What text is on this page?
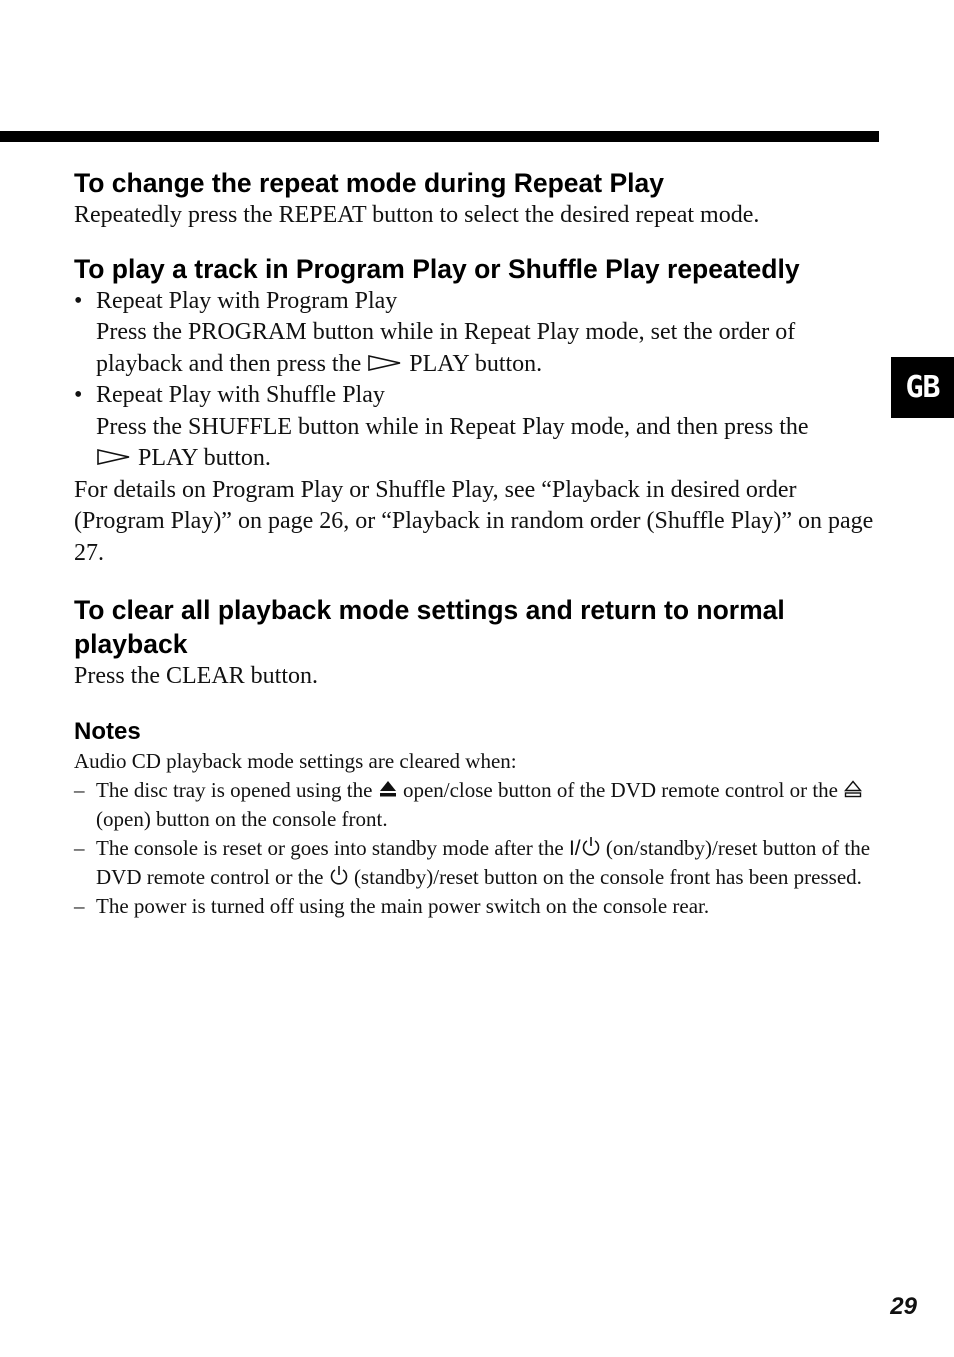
GB
To change the repeat mode during Repeat Play

Repeatedly press the REPEAT button to select the desired repeat mode.

To play a track in Program Play or Shuffle Play repeatedly
• Repeat Play with Program Play
Press the PROGRAM button while in Repeat Play mode, set the order of
playback and then press the PLAY button.
• Repeat Play with Shuffle Play
Press the SHUFFLE button while in Repeat Play mode, and then press the
PLAY button.

For details on Program Play or Shuffle Play, see “Playback in desired order (Program Play)” on page 26, or “Playback in random order (Shuffle Play)” on page 27.

To clear all playback mode settings and return to normal playback

Press the CLEAR button.

Notes

Audio CD playback mode settings are cleared when:

– The disc tray is opened using the open/close button of the DVD remote control or the  (open) button on the console front.
– The console is reset or goes into standby mode after the I/ (on/standby)/reset button of the DVD remote control or the (standby)/reset button on the console front has been pressed.
– The power is turned off using the main power switch on the console rear.
29
